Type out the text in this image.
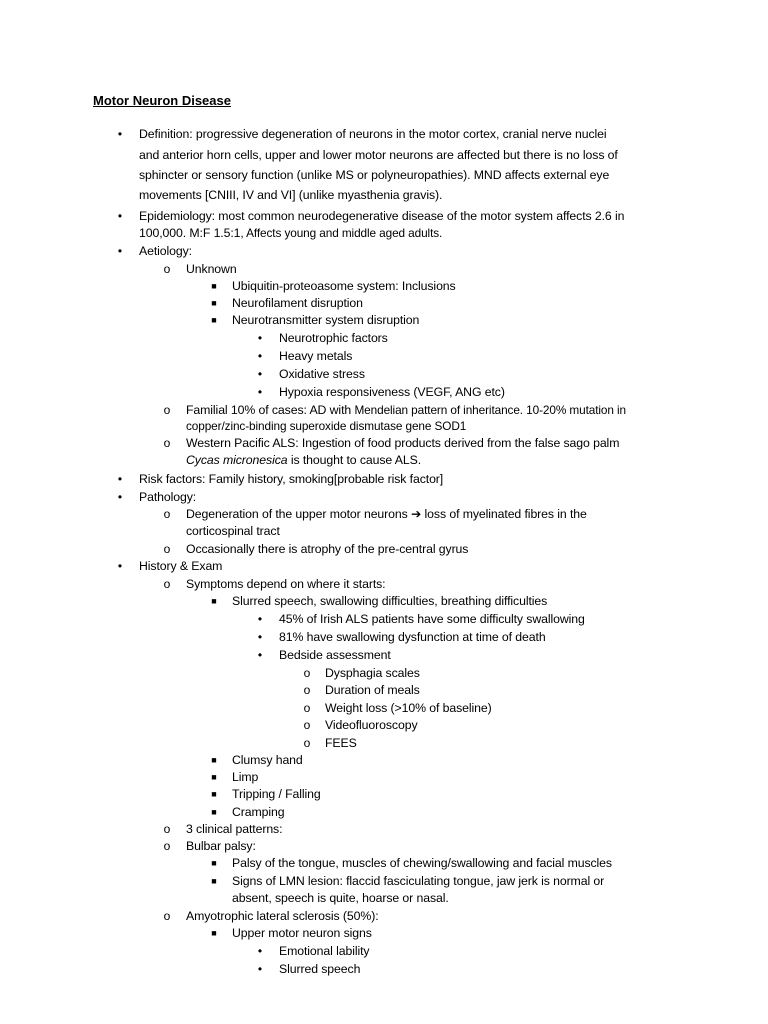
Motor Neuron Disease
•	Definition: progressive degeneration of neurons in the motor cortex, cranial nerve nuclei
and anterior horn cells, upper and lower motor neurons are affected but there is no loss of
sphincter or sensory function (unlike MS or polyneuropathies). MND affects external eye
movements [CNIII, IV and VI] (unlike myasthenia gravis).
•	Epidemiology: most common neurodegenerative disease of the motor system affects 2.6 in
100,000. M:F 1.5:1, Affects young and middle aged adults.
•	Aetiology:
o Unknown
■	Ubiquitin-proteoasome system: Inclusions
■	Neurofilament disruption
■	Neurotransmitter system disruption
•	Neurotrophic factors
•	Heavy metals
•	Oxidative stress
•	Hypoxia responsiveness (VEGF, ANG etc)
o Familial 10% of cases: AD with Mendelian pattern of inheritance. 10-20% mutation in
copper/zinc-binding superoxide dismutase gene SOD1
o Western Pacific ALS: Ingestion of food products derived from the false sago palm
Cycas micronesica is thought to cause ALS.
•	Risk factors: Family history, smoking[probable risk factor]
•	Pathology:
o Degeneration of the upper motor neurons ➔ loss of myelinated fibres in the
corticospinal tract
o Occasionally there is atrophy of the pre-central gyrus
•	History & Exam
o Symptoms depend on where it starts:
■	Slurred speech, swallowing difficulties, breathing difficulties
•	45% of Irish ALS patients have some difficulty swallowing
•	81% have swallowing dysfunction at time of death
•	Bedside assessment
o Dysphagia scales
o Duration of meals
o Weight loss (>10% of baseline)
o Videofluoroscopy
o FEES
■	Clumsy hand
■	Limp
■	Tripping / Falling
■	Cramping
o 3 clinical patterns:
o Bulbar palsy:
■	Palsy of the tongue, muscles of chewing/swallowing and facial muscles
■	Signs of LMN lesion: flaccid fasciculating tongue, jaw jerk is normal or
absent, speech is quite, hoarse or nasal.
o Amyotrophic lateral sclerosis (50%):
■	Upper motor neuron signs
•	Emotional lability
•	Slurred speech
